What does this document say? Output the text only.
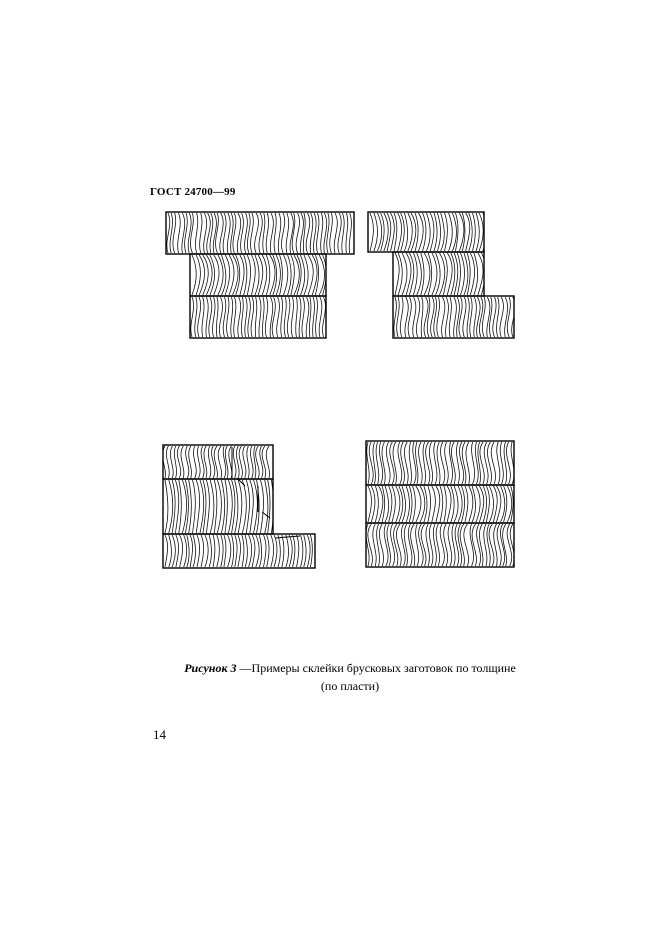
ГОСТ 24700—99
Рисунок 3 —Примеры склейки брусковых заготовок по толщине
(по пласти)
14
